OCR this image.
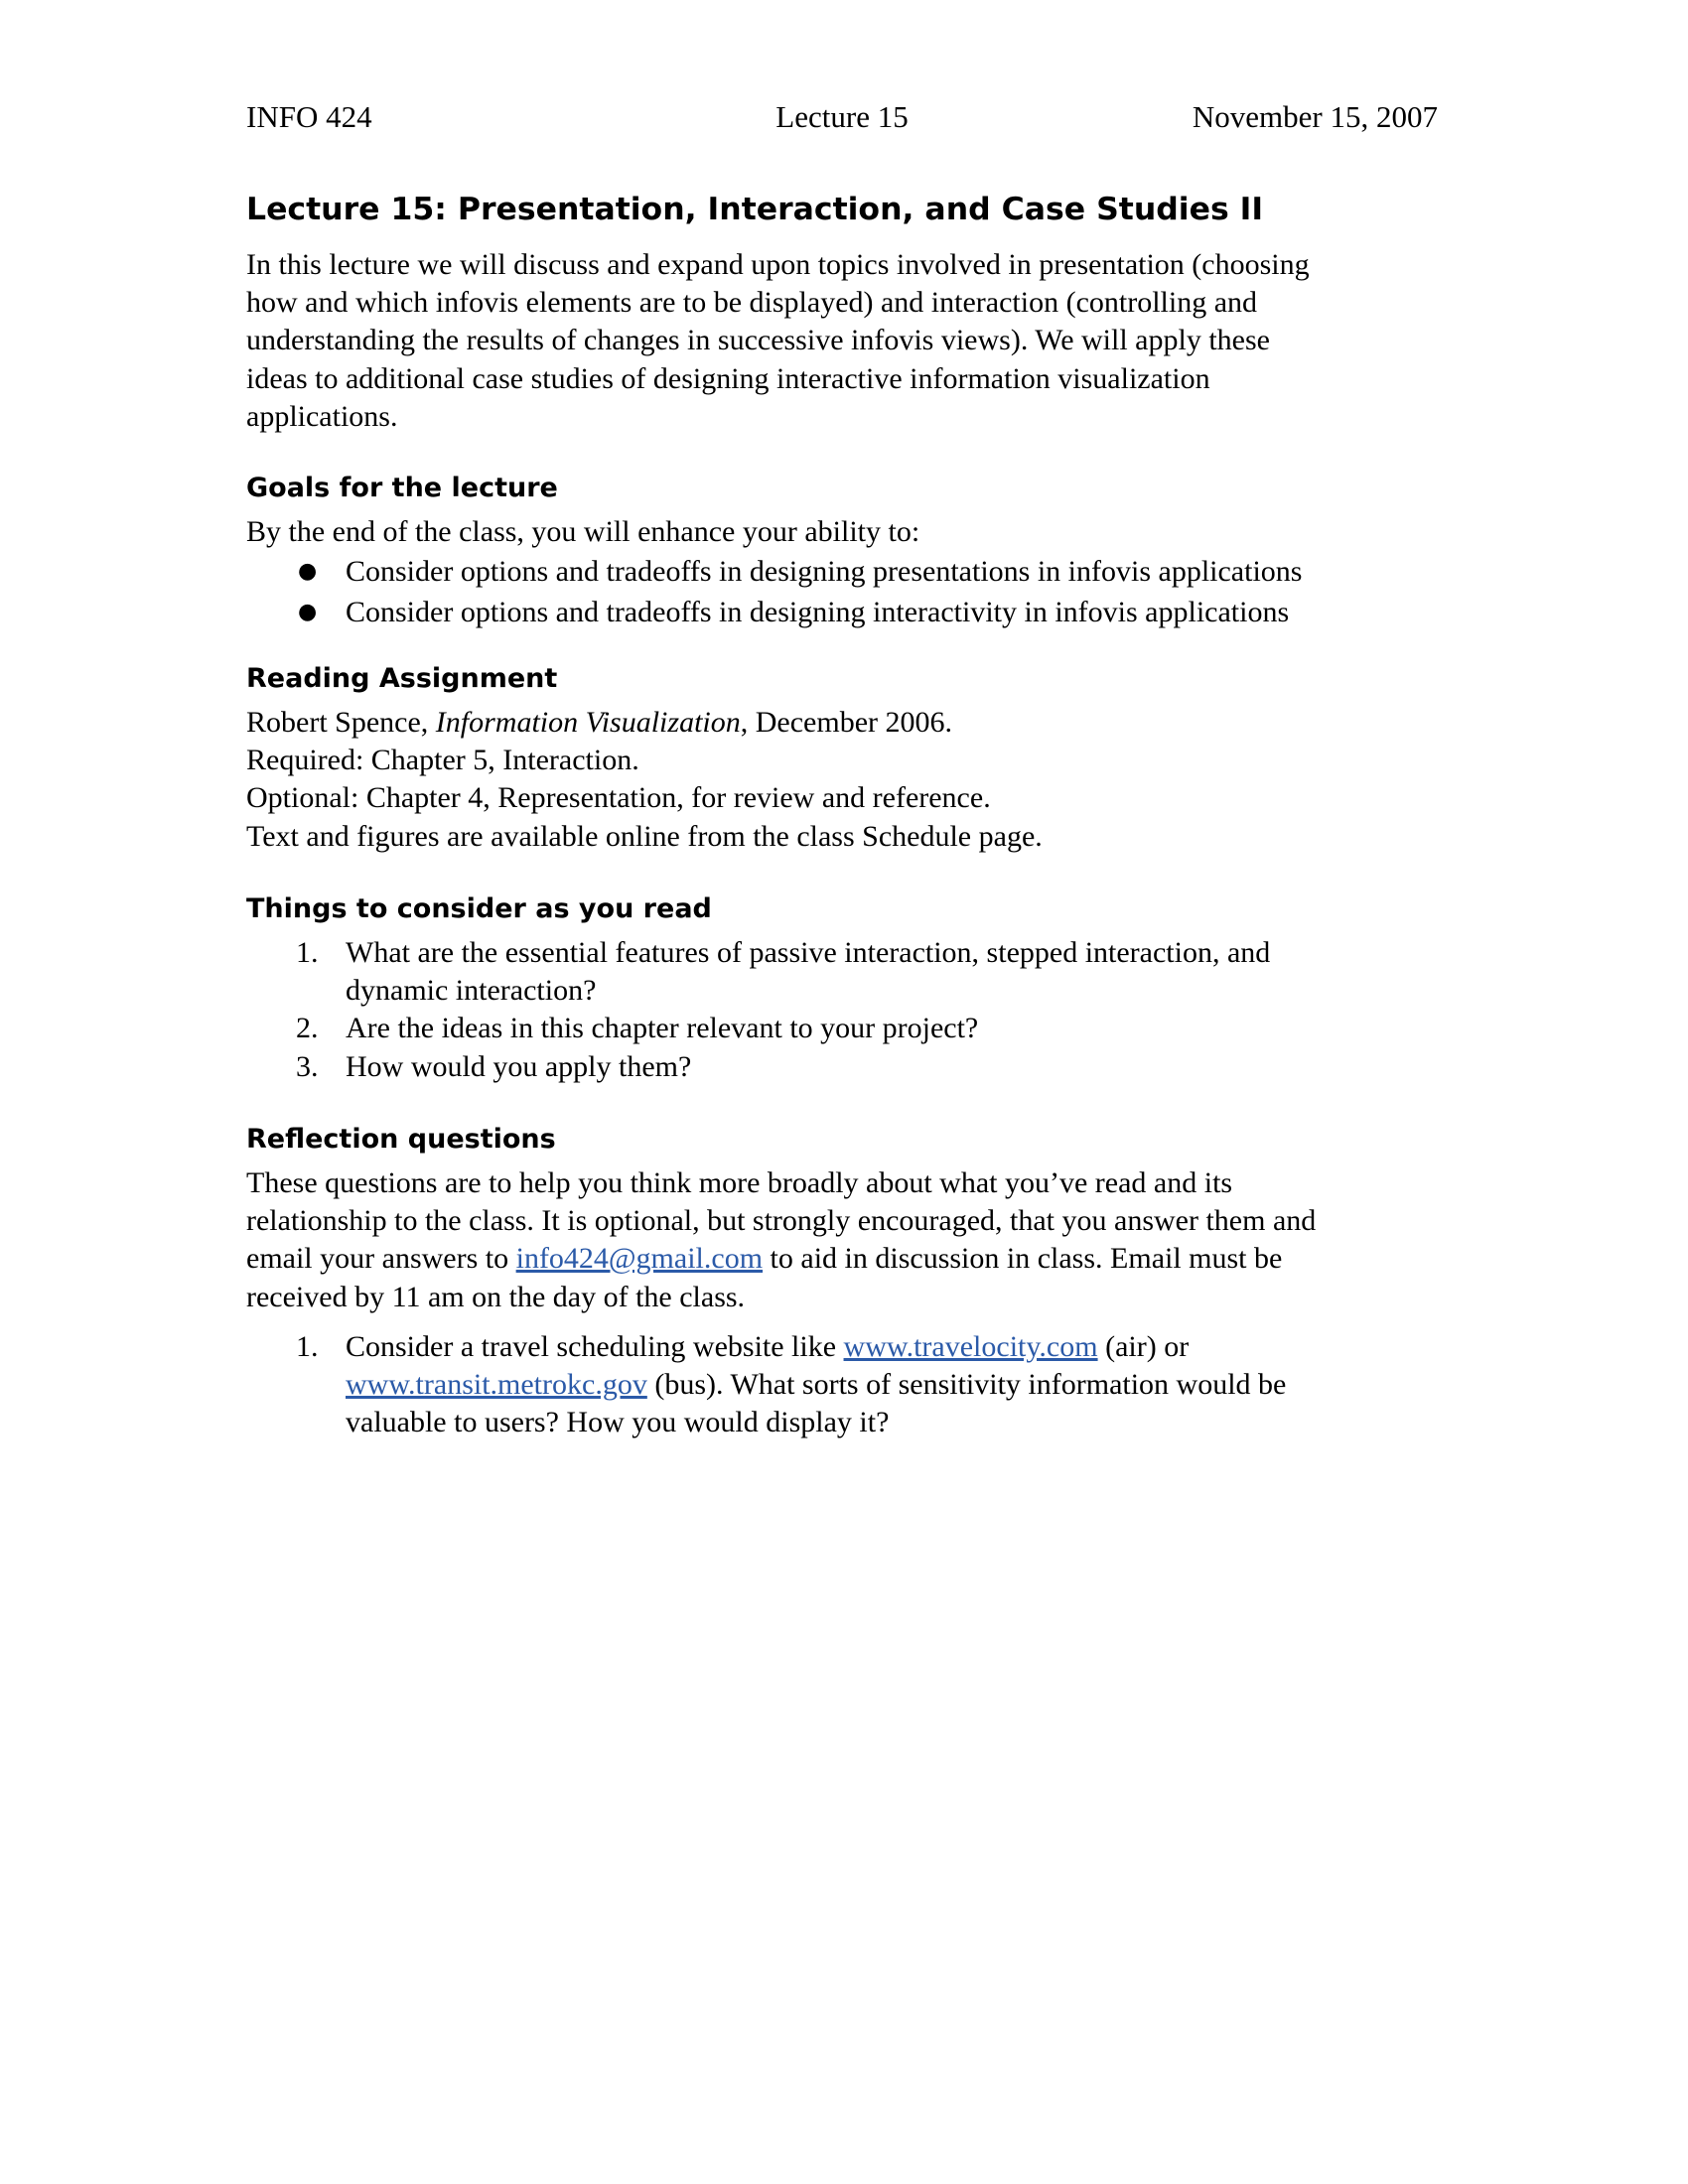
INFO 424	Lecture 15	November 15, 2007
Lecture 15: Presentation, Interaction, and Case Studies II
In this lecture we will discuss and expand upon topics involved in presentation (choosing
how and which infovis elements are to be displayed) and interaction (controlling and
understanding the results of changes in successive infovis views). We will apply these
ideas to additional case studies of designing interactive information visualization
applications.
Goals for the lecture
By the end of the class, you will enhance your ability to:
● Consider options and tradeoffs in designing presentations in infovis applications
● Consider options and tradeoffs in designing interactivity in infovis applications
Reading Assignment
Robert Spence, Information Visualization, December 2006.
Required: Chapter 5, Interaction.
Optional: Chapter 4, Representation, for review and reference.
Text and figures are available online from the class Schedule page.
Things to consider as you read
1. What are the essential features of passive interaction, stepped interaction, and
dynamic interaction?
2. Are the ideas in this chapter relevant to your project?
3. How would you apply them?
Reflection questions
These questions are to help you think more broadly about what you’ve read and its
relationship to the class. It is optional, but strongly encouraged, that you answer them and
email your answers to info424@gmail.com to aid in discussion in class. Email must be
received by 11 am on the day of the class.
1. Consider a travel scheduling website like www.travelocity.com (air) or
www.transit.metrokc.gov (bus). What sorts of sensitivity information would be
valuable to users? How you would display it?
